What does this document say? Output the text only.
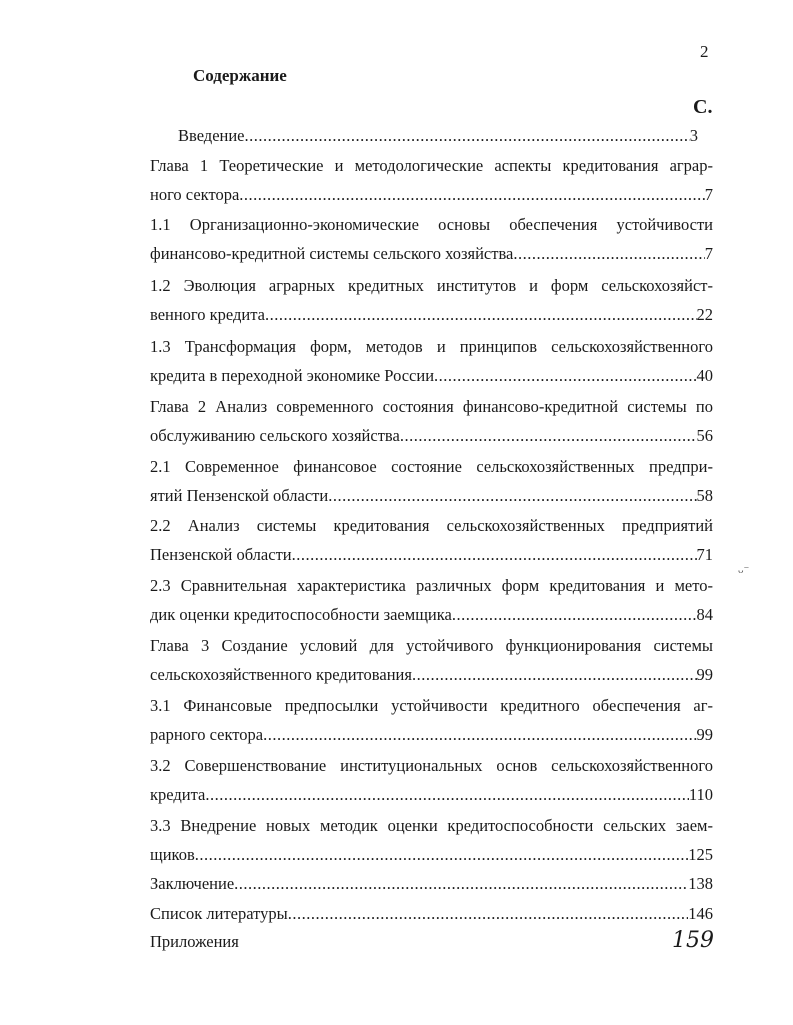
2
Содержание
С.
Введение .....	3
Глава 1 Теоретические и методологические аспекты кредитования аграр-
ного сектора .....	7
1.1 Организационно-экономические основы обеспечения устойчивости
финансово-кредитной системы сельского хозяйства .....	7
1.2 Эволюция аграрных кредитных институтов и форм сельскохозяйст-
венного кредита .....	22
1.3 Трансформация форм, методов и принципов сельскохозяйственного
кредита в переходной экономике России .....	40
Глава 2 Анализ современного состояния финансово-кредитной системы по
обслуживанию сельского хозяйства .....	56
2.1 Современное финансовое состояние сельскохозяйственных предпри-
ятий Пензенской области .....	58
2.2 Анализ системы кредитования сельскохозяйственных предприятий
Пензенской области .....	71
2.3 Сравнительная характеристика различных форм кредитования и мето-
дик оценки кредитоспособности заемщика .....	84
Глава 3 Создание условий для устойчивого функционирования системы
сельскохозяйственного кредитования .....	99
3.1 Финансовые предпосылки устойчивости кредитного обеспечения аг-
рарного сектора .....	99
3.2 Совершенствование институциональных основ сельскохозяйственного
кредита .....	110
3.3 Внедрение новых методик оценки кредитоспособности сельских заем-
щиков .....	125
Заключение .....	138
Список литературы .....	146
Приложения
ᴗ⁻
159
